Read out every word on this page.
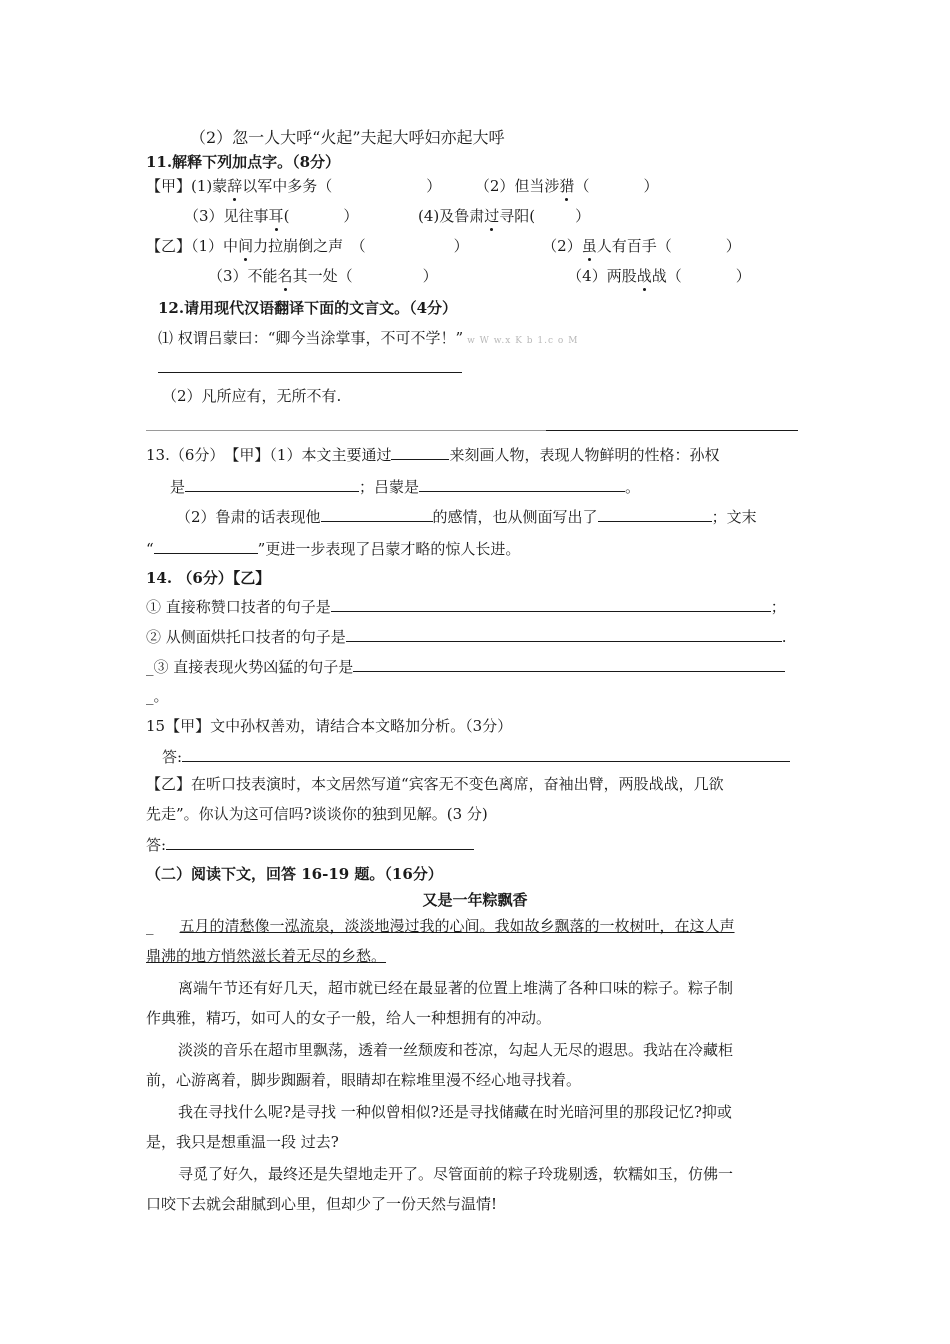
（2）忽一人大呼“火起”夫起大呼妇亦起大呼
11.解释下列加点字。（8分）
【甲】(1)蒙辞以军中多务（	） （2）但当涉猎（	）
（3）见往事耳(	）	(4)及鲁肃过寻阳(	）
【乙】（1）中间力拉崩倒之声　（	）	（2）虽人有百手（	）
（3）不能名其一处（	）	（4）两股战战（	）
12.请用现代汉语翻译下面的文言文。（4分）
⑴ 权谓吕蒙曰：“卿今当涂掌事，不可不学！” w W w.x K b 1.c o M
（2）凡所应有，无所不有.
13.（6分）　【甲】（1）本文主要通过	来刻画人物，表现人物鲜明的性格：孙权
是	；吕蒙是	。
（2）鲁肃的话表现他	的感情，也从侧面写出了	；文末
“	”更进一步表现了吕蒙才略的惊人长进。
14. （6分）【乙】
① 直接称赞口技者的句子是	；
② 从侧面烘托口技者的句子是	.
_③ 直接表现火势凶猛的句子是
_。
15【甲】文中孙权善劝，请结合本文略加分析。（3分）
答:
【乙】在听口技表演时，本文居然写道“宾客无不变色离席，奋袖出臂，两股战战，几欲
先走”。你认为这可信吗?谈谈你的独到见解。(3 分)
答:
（二）阅读下文，回答 16-19 题。（16分）
又是一年粽飘香
_ 五月的清愁像一泓流泉，淡淡地漫过我的心间。我如故乡飘落的一枚树叶，在这人声
鼎沸的地方悄然滋长着无尽的乡愁。
离端午节还有好几天，超市就已经在最显著的位置上堆满了各种口味的粽子。粽子制
作典雅，精巧，如可人的女子一般，给人一种想拥有的冲动。
淡淡的音乐在超市里飘荡，透着一丝颓废和苍凉，勾起人无尽的遐思。我站在冷藏柜
前，心游离着，脚步踟蹰着，眼睛却在粽堆里漫不经心地寻找着。
我在寻找什么呢?是寻找 一种似曾相似?还是寻找储藏在时光暗河里的那段记忆?抑或
是，我只是想重温一段 过去?
寻觅了好久，最终还是失望地走开了。尽管面前的粽子玲珑剔透，软糯如玉，仿佛一
口咬下去就会甜腻到心里，但却少了一份天然与温情!
